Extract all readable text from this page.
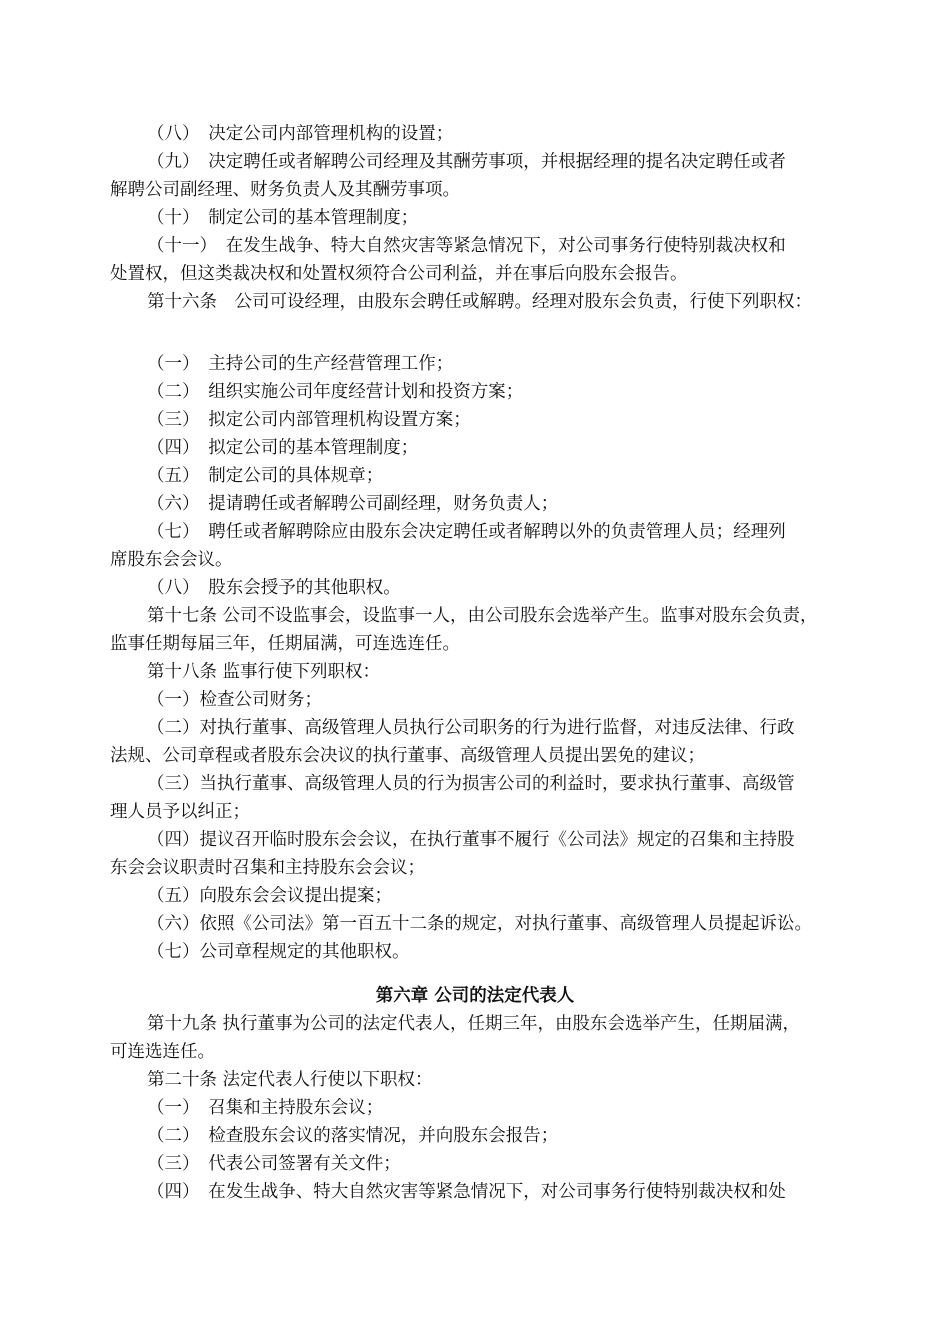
（八）　决定公司内部管理机构的设置；
（九）　决定聘任或者解聘公司经理及其酬劳事项，并根据经理的提名决定聘任或者
解聘公司副经理、财务负责人及其酬劳事项。
（十）　制定公司的基本管理制度；
（十一）　在发生战争、特大自然灾害等紧急情况下，对公司事务行使特别裁决权和
处置权，但这类裁决权和处置权须符合公司利益，并在事后向股东会报告。
第十六条　公司可设经理，由股东会聘任或解聘。经理对股东会负责，行使下列职权：
（一）　主持公司的生产经营管理工作；
（二）　组织实施公司年度经营计划和投资方案；
（三）　拟定公司内部管理机构设置方案；
（四）　拟定公司的基本管理制度；
（五）　制定公司的具体规章；
（六）　提请聘任或者解聘公司副经理，财务负责人；
（七）　聘任或者解聘除应由股东会决定聘任或者解聘以外的负责管理人员；经理列
席股东会会议。
（八）　股东会授予的其他职权。
第十七条 公司不设监事会，设监事一人，由公司股东会选举产生。监事对股东会负责，
监事任期每届三年，任期届满，可连选连任。
第十八条 监事行使下列职权：
（一）检查公司财务；
（二）对执行董事、高级管理人员执行公司职务的行为进行监督，对违反法律、行政
法规、公司章程或者股东会决议的执行董事、高级管理人员提出罢免的建议；
（三）当执行董事、高级管理人员的行为损害公司的利益时，要求执行董事、高级管
理人员予以纠正；
（四）提议召开临时股东会会议，在执行董事不履行《公司法》规定的召集和主持股
东会会议职责时召集和主持股东会会议；
（五）向股东会会议提出提案；
（六）依照《公司法》第一百五十二条的规定，对执行董事、高级管理人员提起诉讼。
（七）公司章程规定的其他职权。
第六章 公司的法定代表人
第十九条 执行董事为公司的法定代表人，任期三年，由股东会选举产生，任期届满，
可连选连任。
第二十条 法定代表人行使以下职权：
（一）　召集和主持股东会议；
（二）　检查股东会议的落实情况，并向股东会报告；
（三）　代表公司签署有关文件；
（四）　在发生战争、特大自然灾害等紧急情况下，对公司事务行使特别裁决权和处
